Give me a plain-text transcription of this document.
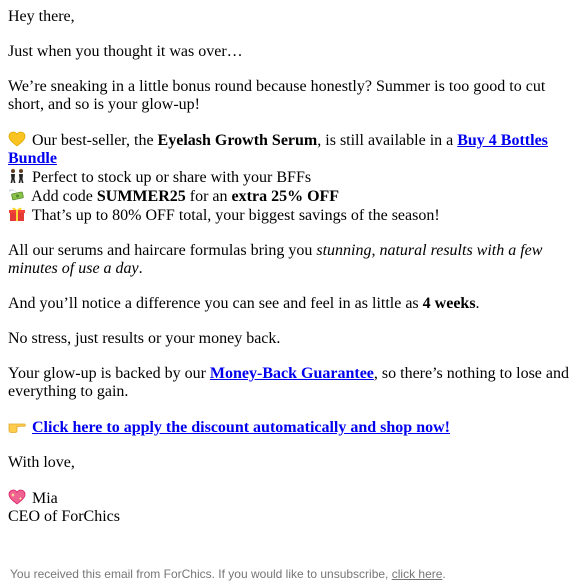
Hey there,

Just when you thought it was over…

We’re sneaking in a little bonus round because honestly? Summer is too good to cut short, and so is your glow-up!

Our best-seller, the Eyelash Growth Serum, is still available in a Buy 4 Bottles Bundle

Perfect to stock up or share with your BFFs

Add code SUMMER25 for an extra 25% OFF

That’s up to 80% OFF total, your biggest savings of the season!

All our serums and haircare formulas bring you stunning, natural results with a few minutes of use a day.

And you’ll notice a difference you can see and feel in as little as 4 weeks.

No stress, just results or your money back.

Your glow-up is backed by our Money-Back Guarantee, so there’s nothing to lose and everything to gain.

Click here to apply the discount automatically and shop now!

With love,

Mia
CEO of ForChics

You received this email from ForChics. If you would like to unsubscribe, click here.
